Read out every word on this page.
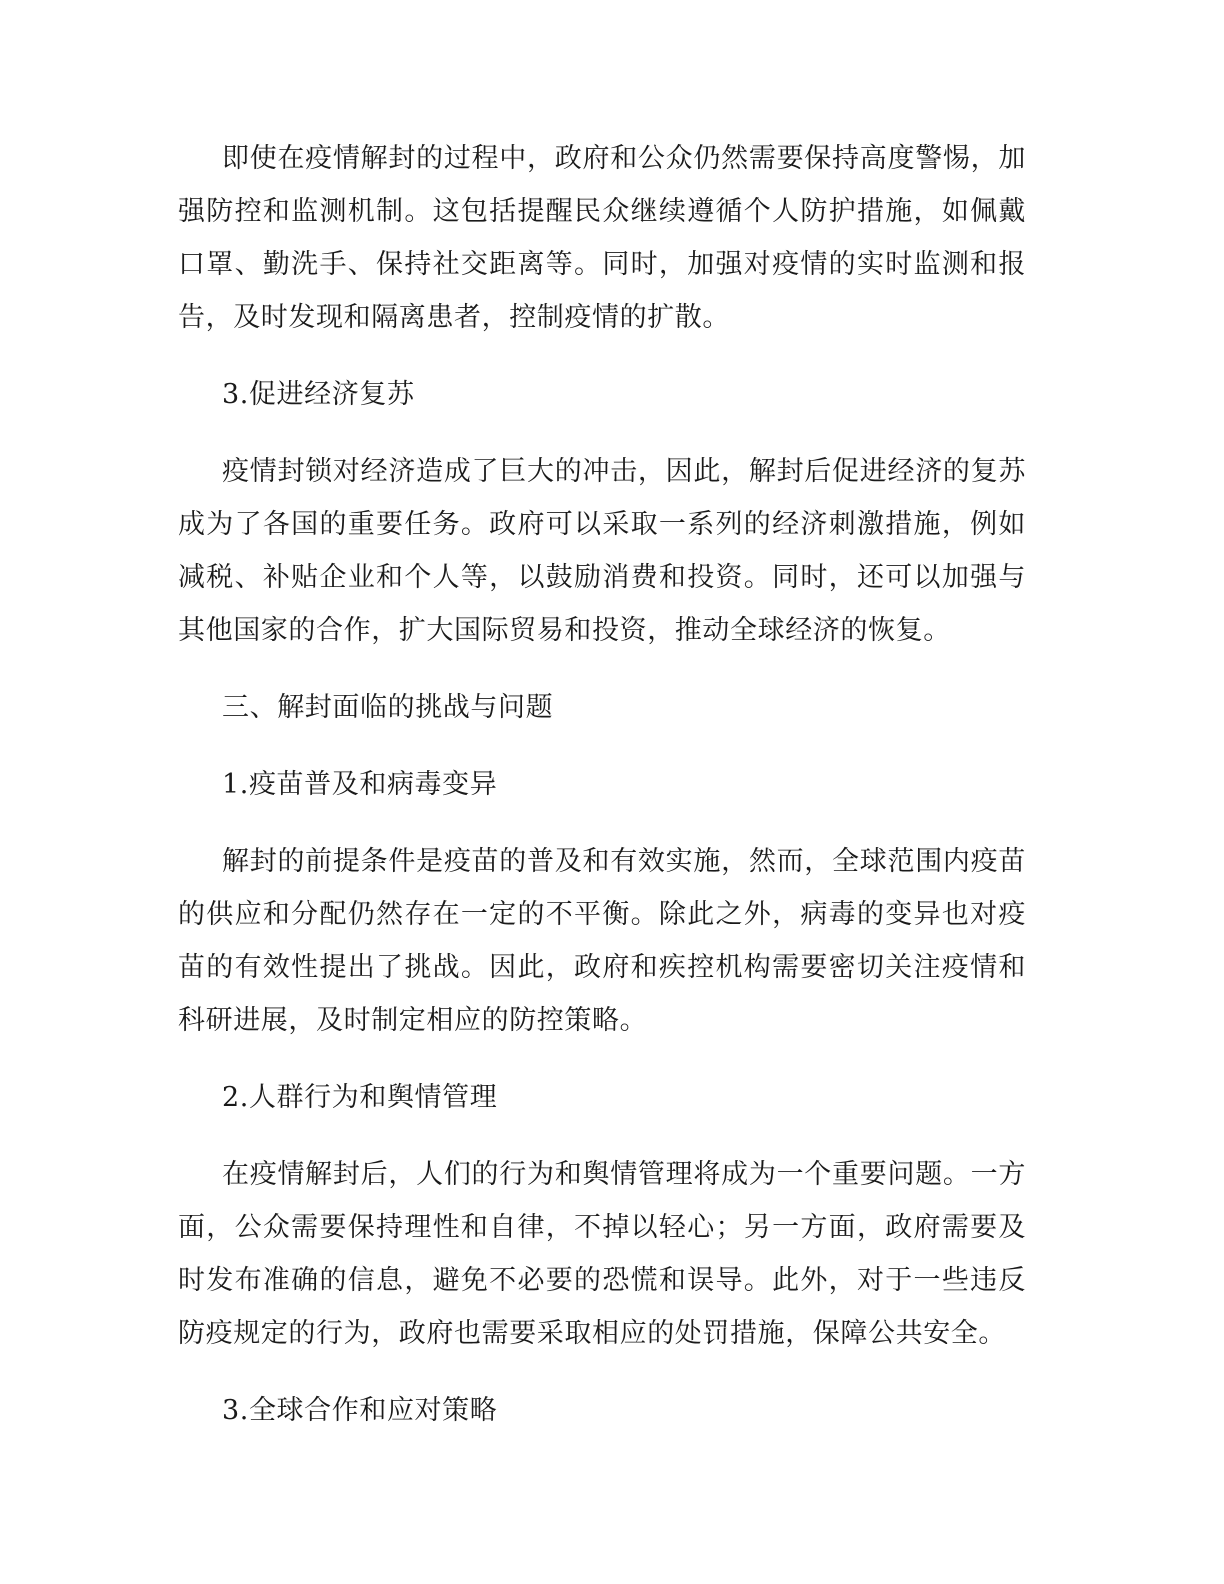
即使在疫情解封的过程中，政府和公众仍然需要保持高度警惕，加强防控和监测机制。这包括提醒民众继续遵循个人防护措施，如佩戴口罩、勤洗手、保持社交距离等。同时，加强对疫情的实时监测和报告，及时发现和隔离患者，控制疫情的扩散。

3.促进经济复苏

疫情封锁对经济造成了巨大的冲击，因此，解封后促进经济的复苏成为了各国的重要任务。政府可以采取一系列的经济刺激措施，例如减税、补贴企业和个人等，以鼓励消费和投资。同时，还可以加强与其他国家的合作，扩大国际贸易和投资，推动全球经济的恢复。

三、解封面临的挑战与问题

1.疫苗普及和病毒变异

解封的前提条件是疫苗的普及和有效实施，然而，全球范围内疫苗的供应和分配仍然存在一定的不平衡。除此之外，病毒的变异也对疫苗的有效性提出了挑战。因此，政府和疾控机构需要密切关注疫情和科研进展，及时制定相应的防控策略。

2.人群行为和舆情管理

在疫情解封后，人们的行为和舆情管理将成为一个重要问题。一方面，公众需要保持理性和自律，不掉以轻心；另一方面，政府需要及时发布准确的信息，避免不必要的恐慌和误导。此外，对于一些违反防疫规定的行为，政府也需要采取相应的处罚措施，保障公共安全。

3.全球合作和应对策略
